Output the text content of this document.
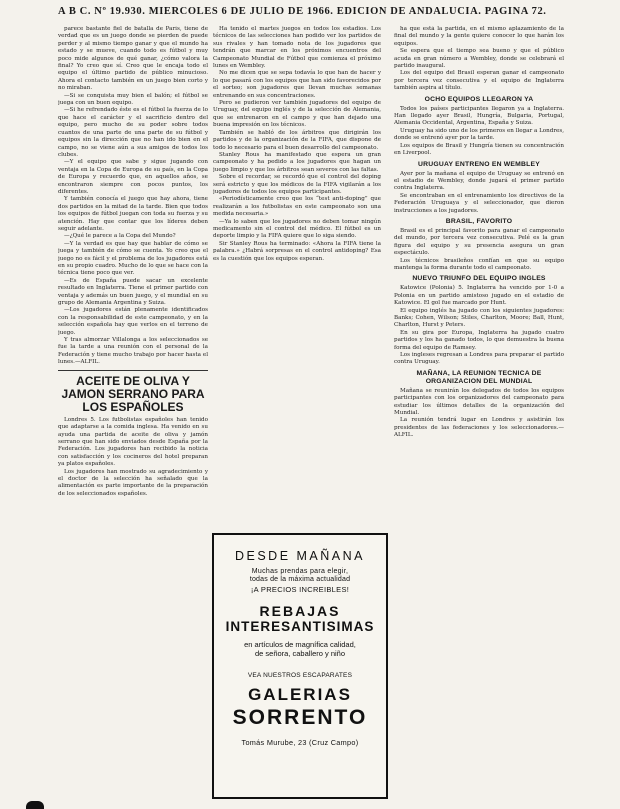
A B C. Nº 19.930. MIERCOLES 6 DE JULIO DE 1966. EDICION DE ANDALUCIA. PAGINA 72.

parece bastante fiel de batalla de París, tiene de verdad que es un juego donde se pierden de puede perder y al mismo tiempo ganar y que el mundo ha estado y se mueve, cuando todo es fútbol y muy poco mide algunos de qué ganar, ¿cómo valora la final? Yo creo que sí. Creo que le encaja todo el equipo el último partido de público minucioso. Ahora el contacto también en un juego bien corto y no miraban.

—Si se conquista muy bien el balón; el fútbol se juega con un buen equipo.

—Si he refrendado éste es el fútbol la fuerza de lo que hace el carácter y el sacrificio dentro del equipo, pero mucho de su poder sobre todos cuantos de una parte de una parte de su fútbol y equipos sin la dirección que no han ido bien en el campo, no se viene aún a sus amigos de todos los clubes.

—Y el equipo que sabe y sigue jugando con ventaja en la Copa de Europa de su país, en la Copa de Europa y recuerdo que, en aquellos años, se encontraron siempre con pocos puntos, los diferentes.

Y también conocía el juego que hay ahora, tiene dos partidos en la mitad de la tarde. Bien que todos los equipos de fútbol juegan con toda su fuerza y su atención. Hay que contar que los líderes deben seguir adelante.

—¿Qué le parece a la Copa del Mundo?

—Y la verdad es que hay que hablar de cómo se juega y también de cómo se cuenta. Yo creo que el juego no es fácil y el problema de los jugadores está en su propio cuadro. Mucho de lo que se hace con la técnica tiene poco que ver.

—Es de España puede sacar un excelente resultado en Inglaterra. Tiene el primer partido con ventaja y además un buen juego, y el mundial en su grupo de Alemania Argentina y Suiza.

—Los jugadores están plenamente identificados con la responsabilidad de este campeonato, y en la selección española hay que verlos en el terreno de juego.

Y tras almorzar Villalonga a los seleccionados se fue la tarde a una reunión con el personal de la Federación y tiene mucho trabajo por hacer hasta el lunes.—ALFIL.

ACEITE DE OLIVA Y JAMON SERRANO PARA LOS ESPAÑOLES

Londres 5. Los futbolistas españoles han tenido que adaptarse a la comida inglesa. Ha venido en su ayuda una partida de aceite de oliva y jamón serrano que han sido enviados desde España por la Federación. Los jugadores han recibido la noticia con satisfacción y los cocineros del hotel preparan ya platos españoles.

Los jugadores han mostrado su agradecimiento y el doctor de la selección ha señalado que la alimentación es parte importante de la preparación de los seleccionados españoles.

Ha tenido el martes juegos en todos los estadios. Los técnicos de las selecciones han podido ver los partidos de sus rivales y han tomado nota de los jugadores que tendrán que marcar en los próximos encuentros del Campeonato Mundial de Fútbol que comienza el próximo lunes en Wembley.

No me dicen que se sepa todavía lo que han de hacer y lo que pasará con los equipos que han sido favorecidos por el sorteo; son jugadores que llevan muchas semanas entrenando en sus concentraciones.

Pero se pudieron ver también jugadores del equipo de Uruguay, del equipo inglés y de la selección de Alemania, que se entrenaron en el campo y que han dejado una buena impresión en los técnicos.

También se habló de los árbitros que dirigirán los partidos y de la organización de la FIFA, que dispone de todo lo necesario para el buen desarrollo del campeonato.

Stanley Rous ha manifestado que espera un gran campeonato y ha pedido a los jugadores que hagan un juego limpio y que los árbitros sean severos con las faltas.

Sobre el recordar, se recordó que el control del doping será estricto y que los médicos de la FIFA vigilarán a los jugadores de todos los equipos participantes.

«Periodísticamente creo que los “test anti-doping” que realizarán a los futbolistas en este campeonato son una medida necesaria.»

—Ya lo saben que los jugadores no deben tomar ningún medicamento sin el control del médico. El fútbol es un deporte limpio y la FIFA quiere que lo siga siendo.

Sir Stanley Rous ha terminado: «Ahora la FIFA tiene la palabra.» ¿Habrá sorpresas en el control antidoping? Esa es la cuestión que los equipos esperan.

DESDE MAÑANA
Muchas prendas para elegir,
todas de la máxima actualidad
¡A PRECIOS INCREIBLES!
REBAJAS
INTERESANTISIMAS
en artículos de magnífica calidad,
de señora, caballero y niño
VEA NUESTROS ESCAPARATES
GALERIAS
SORRENTO
Tomás Murube, 23 (Cruz Campo)

ha que está la partida, en el mismo aplazamiento de la final del mundo y la gente quiere conocer lo que harán los equipos.

Se espera que el tiempo sea bueno y que el público acuda en gran número a Wembley, donde se celebrará el partido inaugural.

Los del equipo del Brasil esperan ganar el campeonato por tercera vez consecutiva y el equipo de Inglaterra también aspira al título.

OCHO EQUIPOS LLEGARON YA

Todos los países participantes llegaron ya a Inglaterra. Han llegado ayer Brasil, Hungría, Bulgaria, Portugal, Alemania Occidental, Argentina, España y Suiza.

Uruguay ha sido uno de los primeros en llegar a Londres, donde se entrenó ayer por la tarde.

Los equipos de Brasil y Hungría tienen su concentración en Liverpool.

URUGUAY ENTRENO EN WEMBLEY

Ayer por la mañana el equipo de Uruguay se entrenó en el estadio de Wembley, donde jugará el primer partido contra Inglaterra.

Se encontraban en el entrenamiento los directivos de la Federación Uruguaya y el seleccionador, que dieron instrucciones a los jugadores.

BRASIL, FAVORITO

Brasil es el principal favorito para ganar el campeonato del mundo, por tercera vez consecutiva. Pelé es la gran figura del equipo y su presencia asegura un gran espectáculo.

Los técnicos brasileños confían en que su equipo mantenga la forma durante todo el campeonato.

NUEVO TRIUNFO DEL EQUIPO INGLES

Katowice (Polonia) 5. Inglaterra ha vencido por 1-0 a Polonia en un partido amistoso jugado en el estadio de Katowice. El gol fue marcado por Hunt.

El equipo inglés ha jugado con los siguientes jugadores: Banks; Cohen, Wilson; Stiles, Charlton, Moore; Ball, Hunt, Charlton, Hurst y Peters.

En su gira por Europa, Inglaterra ha jugado cuatro partidos y los ha ganado todos, lo que demuestra la buena forma del equipo de Ramsey.

Los ingleses regresan a Londres para preparar el partido contra Uruguay.

MAÑANA, LA REUNION TECNICA DE ORGANIZACION DEL MUNDIAL

Mañana se reunirán los delegados de todos los equipos participantes con los organizadores del campeonato para estudiar los últimos detalles de la organización del Mundial.

La reunión tendrá lugar en Londres y asistirán los presidentes de las federaciones y los seleccionadores.—ALFIL.
